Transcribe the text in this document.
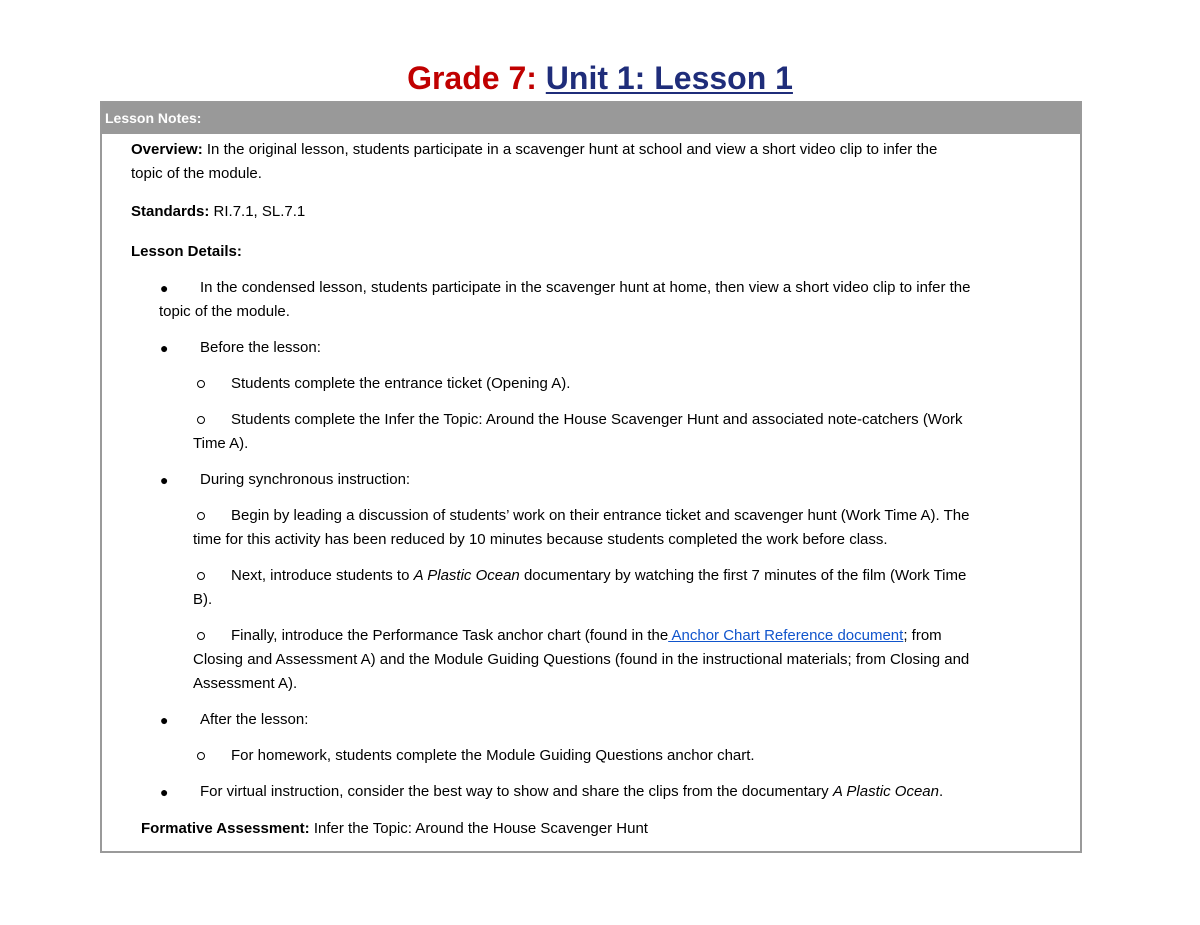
Grade 7: Unit 1: Lesson 1
Lesson Notes:
Overview: In the original lesson, students participate in a scavenger hunt at school and view a short video clip to infer the
topic of the module.
Standards: RI.7.1, SL.7.1
Lesson Details:
● In the condensed lesson, students participate in the scavenger hunt at home, then view a short video clip to infer the
topic of the module.
● Before the lesson:
Students complete the entrance ticket (Opening A).
Students complete the Infer the Topic: Around the House Scavenger Hunt and associated note-catchers (Work
Time A).
● During synchronous instruction:
Begin by leading a discussion of students’ work on their entrance ticket and scavenger hunt (Work Time A). The
time for this activity has been reduced by 10 minutes because students completed the work before class.
Next, introduce students to A Plastic Ocean documentary by watching the first 7 minutes of the film (Work Time
B).
Finally, introduce the Performance Task anchor chart (found in the Anchor Chart Reference document; from
Closing and Assessment A) and the Module Guiding Questions (found in the instructional materials; from Closing and
Assessment A).
● After the lesson:
For homework, students complete the Module Guiding Questions anchor chart.
● For virtual instruction, consider the best way to show and share the clips from the documentary A Plastic Ocean.
Formative Assessment: Infer the Topic: Around the House Scavenger Hunt
